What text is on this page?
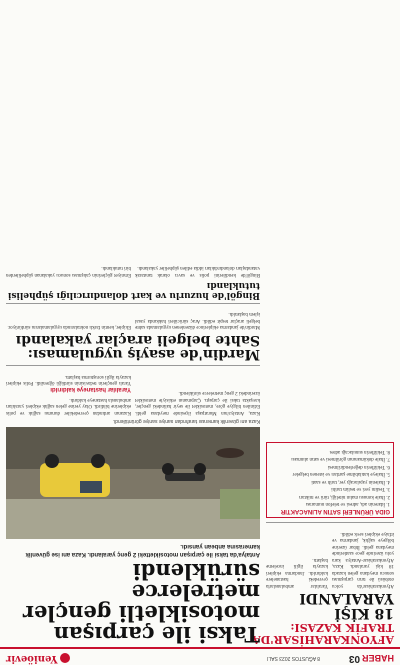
HABER
03
8 AĞUSTOS 2023 SALI
Yeniöevir
AFYONKARAHİSAR'DA TRAFİK KAZASI:
18 KİŞİ YARALANDI

Afyonkarahisar'da yolcu otobüsü ile tırın çarpışması sonucu meydana gelen kazada 18 kişi yaralandı. Kaza, Afyonkarahisar-Antalya kara yolu üzerinde gece saatlerinde meydana geldi. İhbar üzerine bölgeye sağlık, jandarma ve itfaiye ekipleri sevk edildi.

Yaralılar ambulanslarla çevredeki hastanelere kaldırıldı. Jandarma ekipleri kazayla ilgili inceleme başlattı.

GIDA ÜRÜNLERİ SATIN ALINACAKTIR
1. İdarenin adı, adresi ve telefon numarası
2. İhale konusu malın niteliği, türü ve miktarı
3. Teslim yeri ve teslim tarihi
4. İhalenin yapılacağı yer, tarih ve saati
5. İhaleye katılabilme şartları ve istenen belgeler
6. Tekliflerin değerlendirilmesi
7. İhale dokümanının görülmesi ve satın alınması
8. Tekliflerin sunulacağı adres
Taksi ile çarpışan motosikletli gençler metrelerce sürüklendi
Antalya'da taksi ile çarpışan motosikletteki 2 genç yaralandı. Kaza anı ise güvenlik kamerasına anbean yansıdı.
Kaza anı güvenlik kamerası tarafından saniye saniye görüntülendi.

Kaza, Antalya'nın Muratpaşa ilçesinde meydana geldi. Edinilen bilgiye göre, motosiklet ile seyir halindeki gençler, kavşakta taksi ile çarpıştı. Çarpmanın etkisiyle motosiklet üzerindeki 2 genç metrelerce sürüklendi.

Kazanın ardından çevredekiler durumu sağlık ve polis ekiplerine bildirdi. Olay yerine gelen sağlık ekipleri yaralıları ambulansla hastaneye kaldırdı.

Yaralılar hastaneye kaldırıldı

Yaralı gençlerin tedavisinin sürdüğü öğrenildi. Polis ekipleri kazayla ilgili soruşturma başlattı.

Mardin'de asayiş uygulaması: Sahte belgeli araçlar yakalandı

Mardin'de jandarma ekiplerince düzenlenen uygulamada sahte belgeli araçlar tespit edildi. Araç sürücüleri hakkında yasal işlem başlatıldı.

Ekipler, kentin farklı noktalarında uygulamalarını sürdürüyor.

Bingöl'de huzurlu ve kart dolandırıcılığı şüphelisi tutuklandı

Bingöl'de kendilerini polis ve savcı olarak tanıtarak vatandaşları dolandırdıkları iddia edilen şüpheliler yakalandı.

Emniyet güçlerinin çalışması sonucu yakalanan şüphelilerden biri tutuklandı.
